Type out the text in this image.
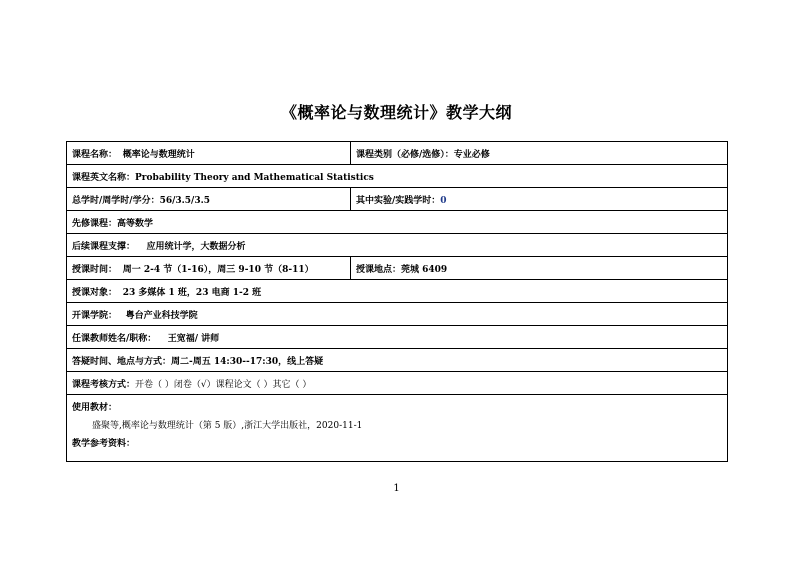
《概率论与数理统计》教学大纲
课程名称： 概率论与数理统计	课程类别（必修/选修）：专业必修
课程英文名称：Probability Theory and Mathematical Statistics	
总学时/周学时/学分：56/3.5/3.5	其中实验/实践学时：0
先修课程：高等数学	
后续课程支撑： 应用统计学，大数据分析	
授课时间： 周一 2-4 节（1-16），周三 9-10 节（8-11）	授课地点：莞城 6409
授课对象： 23 多媒体 1 班，23 电商 1-2 班	
开课学院： 粤台产业科技学院	
任课教师姓名/职称： 王宽福/ 讲师	
答疑时间、地点与方式：周二-周五 14:30--17:30，线上答疑	
课程考核方式：开卷（ ）闭卷（√）课程论文（ ）其它（ ）	

使用教材：
盛聚等,概率论与数理统计（第 5 版）,浙江大学出版社，2020-11-1
教学参考资料：	
1
